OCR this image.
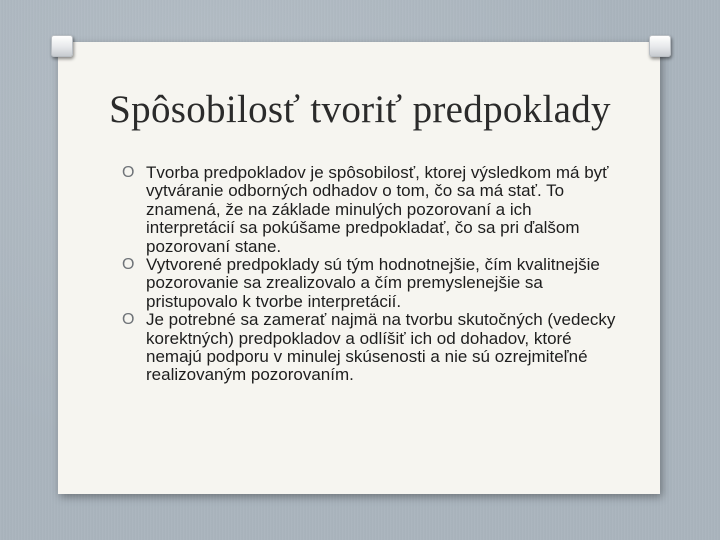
Spôsobilosť tvoriť predpoklady
O Tvorba predpokladov je spôsobilosť, ktorej výsledkom má byť vytváranie odborných odhadov o tom, čo sa má stať. To znamená, že na základe minulých pozorovaní a ich interpretácií sa pokúšame predpokladať, čo sa pri ďalšom pozorovaní stane.
O Vytvorené predpoklady sú tým hodnotnejšie, čím kvalitnejšie pozorovanie sa zrealizovalo a čím premyslenejšie sa pristupovalo k tvorbe interpretácií.
O Je potrebné sa zamerať najmä na tvorbu skutočných (vedecky korektných) predpokladov a odlíšiť ich od dohadov, ktoré nemajú podporu v minulej skúsenosti a nie sú ozrejmiteľné realizovaným pozorovaním.
